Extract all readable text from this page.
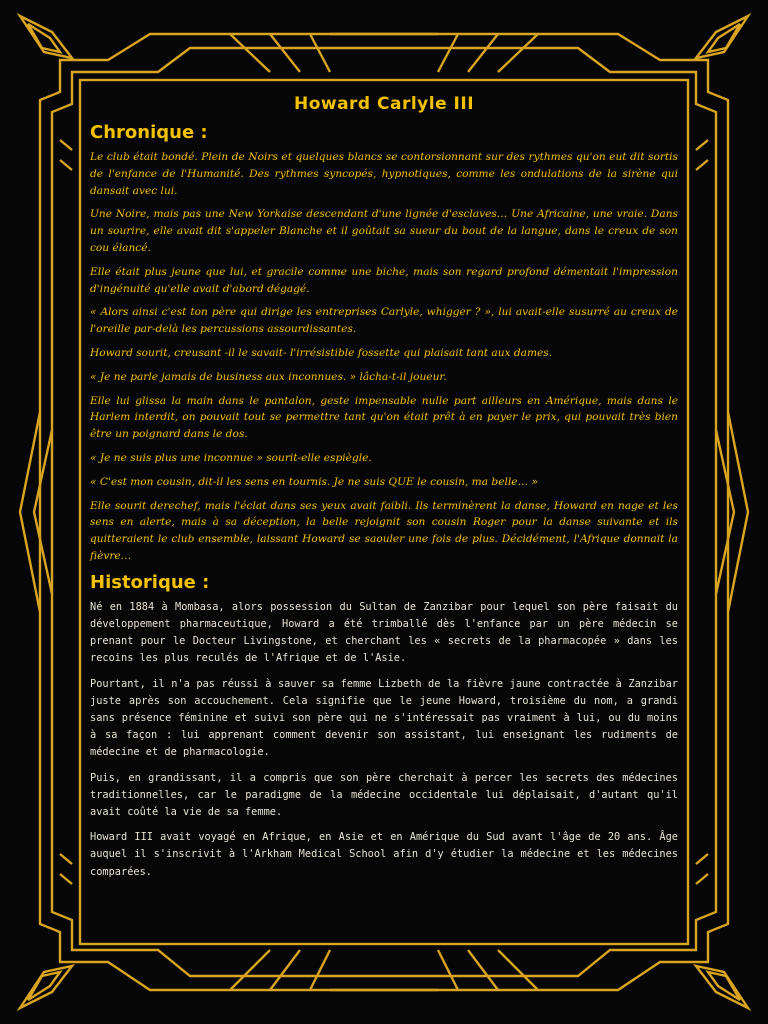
Howard Carlyle III
Chronique :

Le club était bondé. Plein de Noirs et quelques blancs se contorsionnant sur des rythmes qu'on eut dit sortis de l'enfance de l'Humanité. Des rythmes syncopés, hypnotiques, comme les ondulations de la sirène qui dansait avec lui.

Une Noire, mais pas une New Yorkaise descendant d'une lignée d'esclaves… Une Africaine, une vraie. Dans un sourire, elle avait dit s'appeler Blanche et il goûtait sa sueur du bout de la langue, dans le creux de son cou élancé.

Elle était plus jeune que lui, et gracile comme une biche, mais son regard profond démentait l'impression d'ingénuité qu'elle avait d'abord dégagé.

« Alors ainsi c'est ton père qui dirige les entreprises Carlyle, whigger ? », lui avait-elle susurré au creux de l'oreille par-delà les percussions assourdissantes.

Howard sourit, creusant -il le savait- l'irrésistible fossette qui plaisait tant aux dames.

« Je ne parle jamais de business aux inconnues. » lâcha-t-il joueur.

Elle lui glissa la main dans le pantalon, geste impensable nulle part ailleurs en Amérique, mais dans le Harlem interdit, on pouvait tout se permettre tant qu'on était prêt à en payer le prix, qui pouvait très bien être un poignard dans le dos.

« Je ne suis plus une inconnue » sourit-elle espiègle.

« C'est mon cousin, dit-il les sens en tournis. Je ne suis QUE le cousin, ma belle… »

Elle sourit derechef, mais l'éclat dans ses yeux avait faibli. Ils terminèrent la danse, Howard en nage et les sens en alerte, mais à sa déception, la belle rejoignit son cousin Roger pour la danse suivante et ils quitteraient le club ensemble, laissant Howard se saouler une fois de plus. Décidément, l'Afrique donnait la fièvre…

Historique :

Né en 1884 à Mombasa, alors possession du Sultan de Zanzibar pour lequel son père faisait du développement pharmaceutique, Howard a été trimballé dès l'enfance par un père médecin se prenant pour le Docteur Livingstone, et cherchant les « secrets de la pharmacopée » dans les recoins les plus reculés de l'Afrique et de l'Asie.

Pourtant, il n'a pas réussi à sauver sa femme Lizbeth de la fièvre jaune contractée à Zanzibar juste après son accouchement. Cela signifie que le jeune Howard, troisième du nom, a grandi sans présence féminine et suivi son père qui ne s'intéressait pas vraiment à lui, ou du moins à sa façon : lui apprenant comment devenir son assistant, lui enseignant les rudiments de médecine et de pharmacologie.

Puis, en grandissant, il a compris que son père cherchait à percer les secrets des médecines traditionnelles, car le paradigme de la médecine occidentale lui déplaisait, d'autant qu'il avait coûté la vie de sa femme.

Howard III avait voyagé en Afrique, en Asie et en Amérique du Sud avant l'âge de 20 ans. Âge auquel il s'inscrivit à l'Arkham Medical School afin d'y étudier la médecine et les médecines comparées.
